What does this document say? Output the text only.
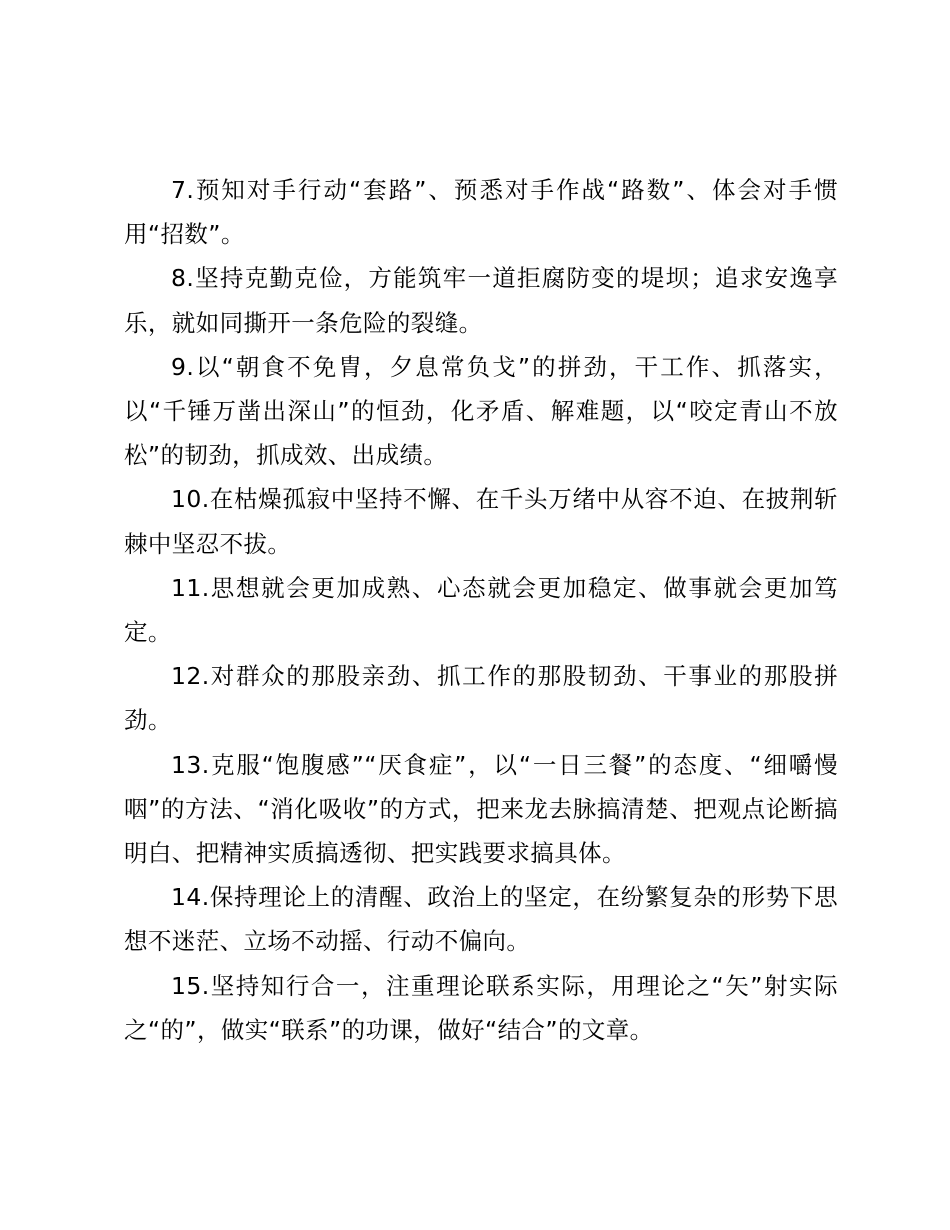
7.预知对手行动“套路”、预悉对手作战“路数”、体会对手惯用“招数”。

8.坚持克勤克俭，方能筑牢一道拒腐防变的堤坝；追求安逸享乐，就如同撕开一条危险的裂缝。

9.以“朝食不免胄，夕息常负戈”的拼劲，干工作、抓落实，以“千锤万凿出深山”的恒劲，化矛盾、解难题，以“咬定青山不放松”的韧劲，抓成效、出成绩。

10.在枯燥孤寂中坚持不懈、在千头万绪中从容不迫、在披荆斩棘中坚忍不拔。

11.思想就会更加成熟、心态就会更加稳定、做事就会更加笃定。

12.对群众的那股亲劲、抓工作的那股韧劲、干事业的那股拼劲。

13.克服“饱腹感”“厌食症”，以“一日三餐”的态度、“细嚼慢咽”的方法、“消化吸收”的方式，把来龙去脉搞清楚、把观点论断搞明白、把精神实质搞透彻、把实践要求搞具体。

14.保持理论上的清醒、政治上的坚定，在纷繁复杂的形势下思想不迷茫、立场不动摇、行动不偏向。

15.坚持知行合一，注重理论联系实际，用理论之“矢”射实际之“的”，做实“联系”的功课，做好“结合”的文章。
